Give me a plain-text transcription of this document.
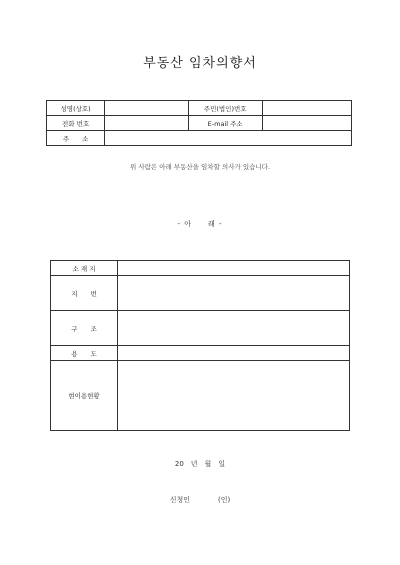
부동산 임차의향서
성명(상호)		주민(법인)번호	
전화 번호		E-mail 주소	
주　　소			
위 사람은 아래 부동산을 임차할 의사가 있습니다.
- 아　　래 -
소 재 지	
지　　번	
구　　조	
용　　도	
현이용현황	
20　년　월　일
신청인　　　　(인)
